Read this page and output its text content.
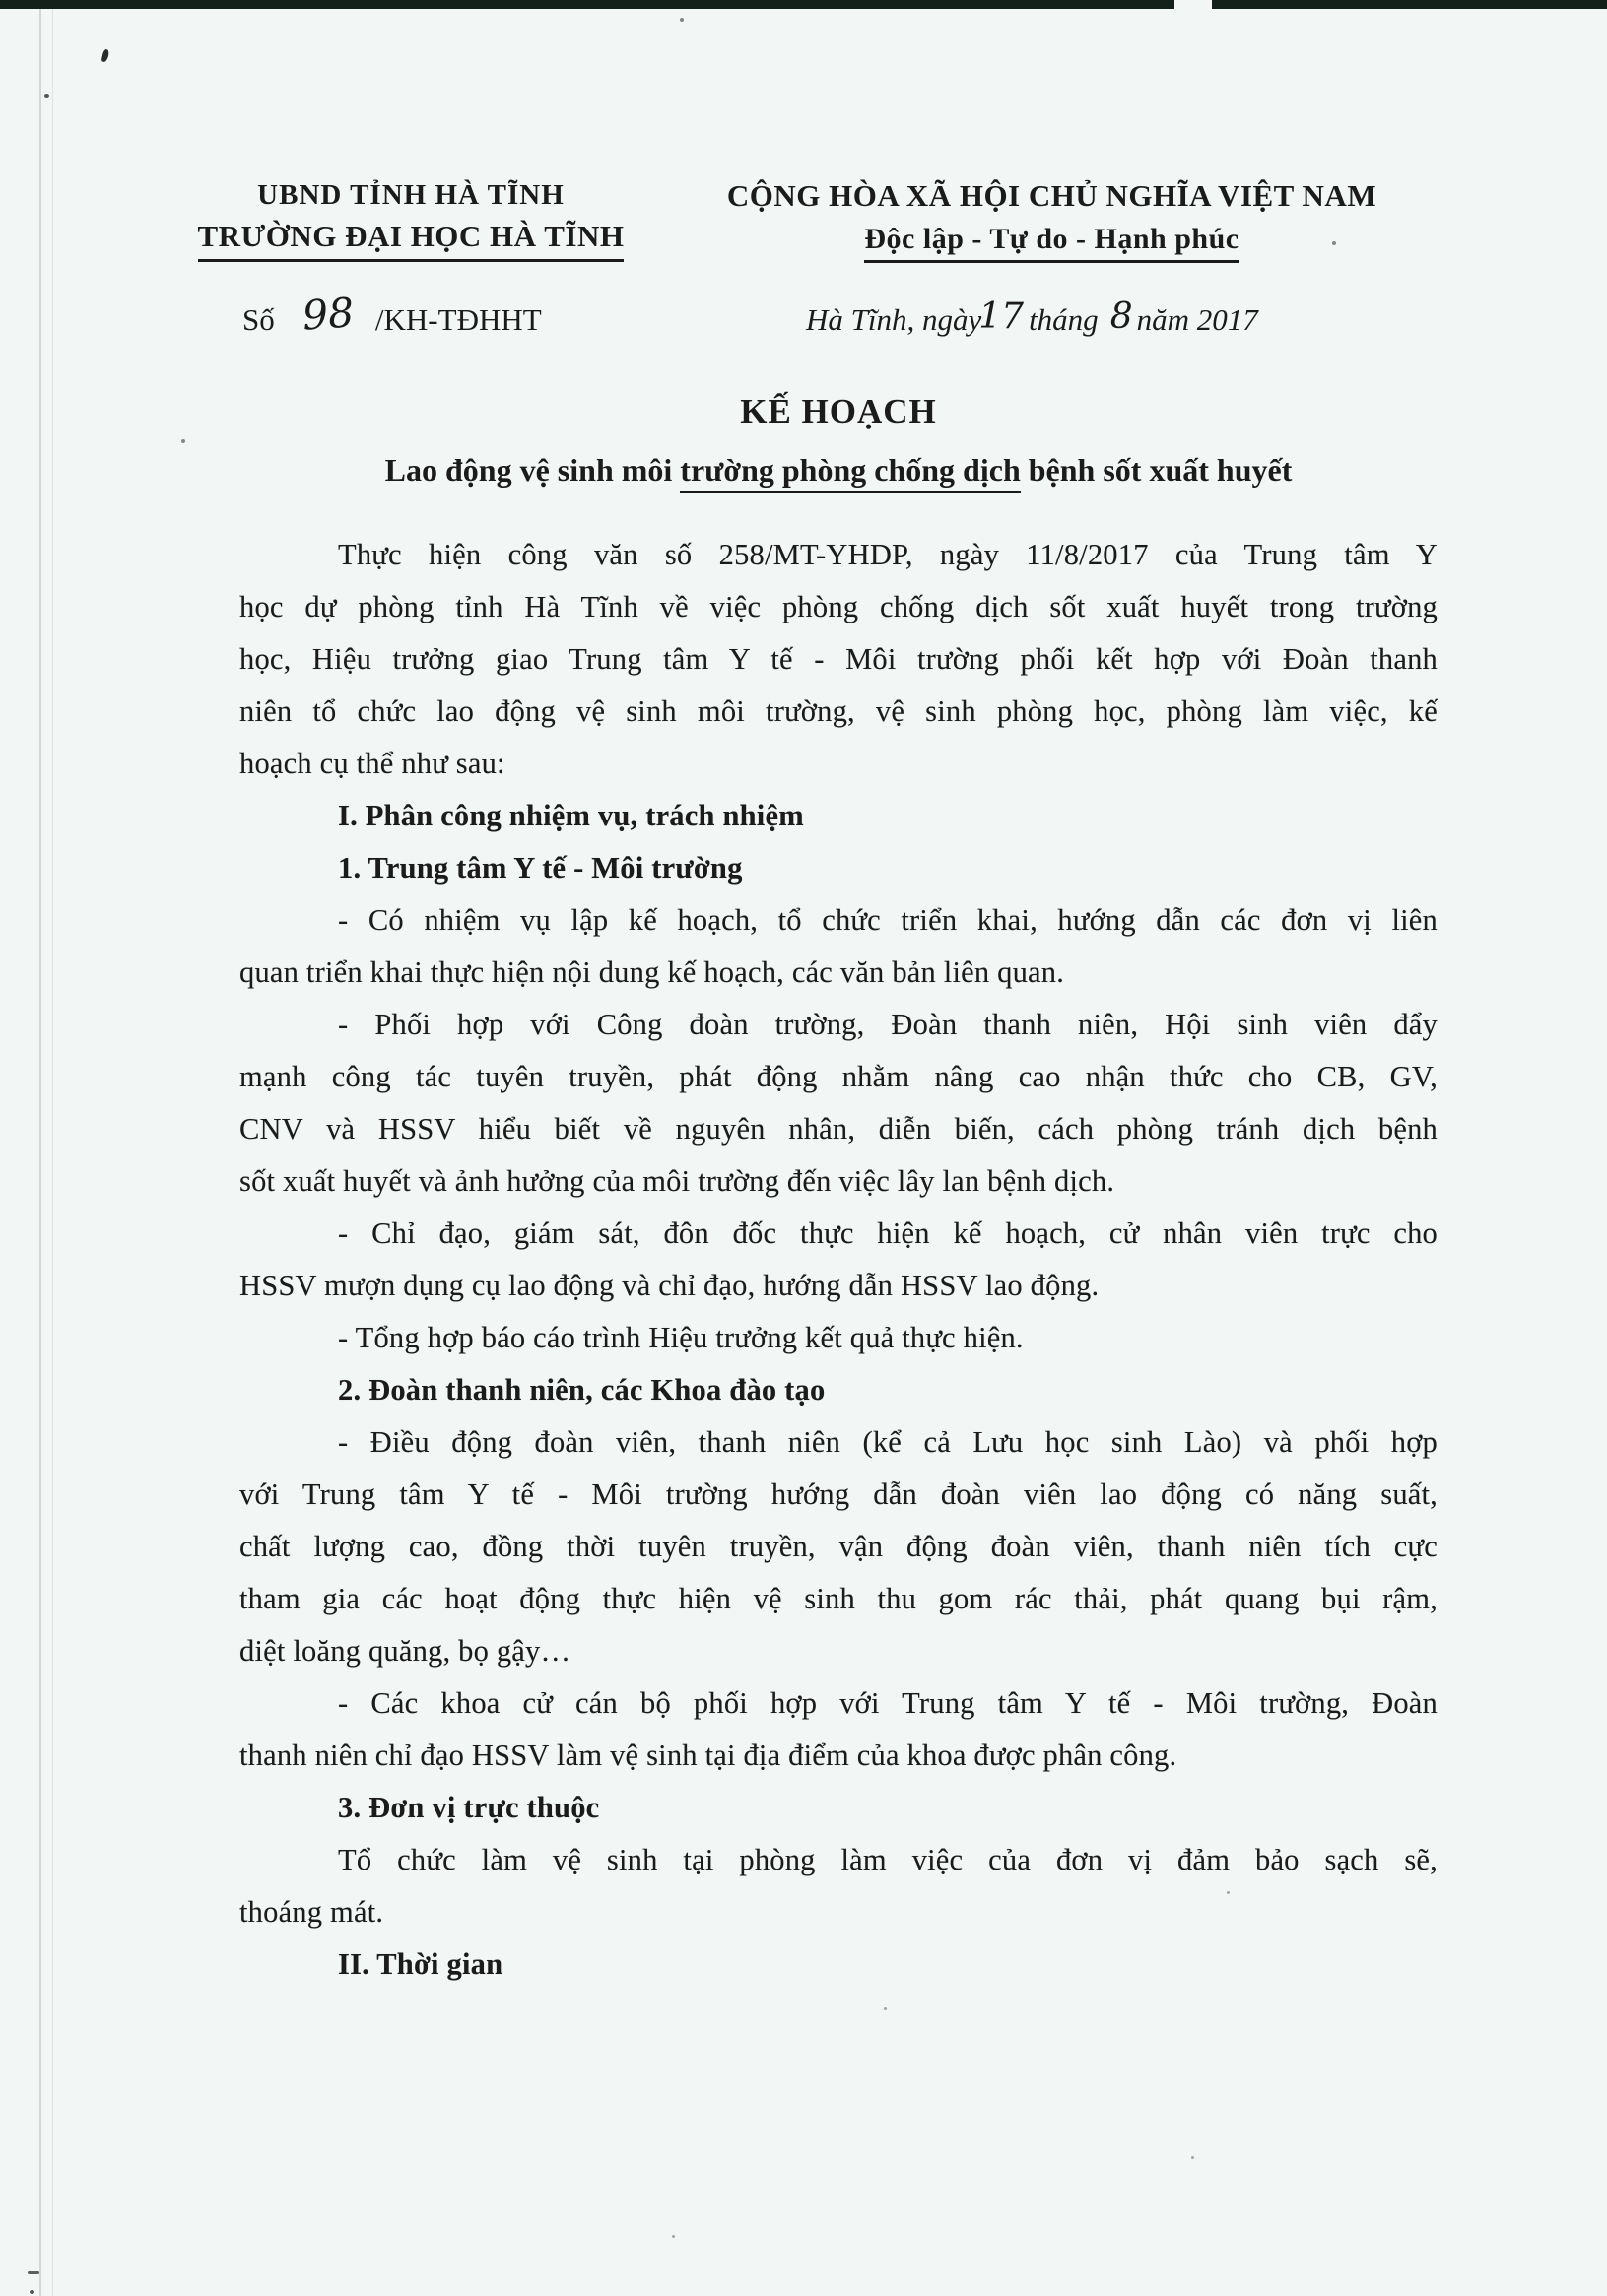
UBND TỈNH HÀ TĨNH
TRƯỜNG ĐẠI HỌC HÀ TĨNH
CỘNG HÒA XÃ HỘI CHỦ NGHĨA VIỆT NAM
Độc lập - Tự do - Hạnh phúc
Số 98 /KH-TĐHHT	Hà Tĩnh, ngày17 tháng 8 năm 2017
KẾ HOẠCH
Lao động vệ sinh môi trường phòng chống dịch bệnh sốt xuất huyết
Thực hiện công văn số 258/MT-YHDP, ngày 11/8/2017 của Trung tâm Y
học dự phòng tỉnh Hà Tĩnh về việc phòng chống dịch sốt xuất huyết trong trường
học, Hiệu trưởng giao Trung tâm Y tế - Môi trường phối kết hợp với Đoàn thanh
niên tổ chức lao động vệ sinh môi trường, vệ sinh phòng học, phòng làm việc, kế
hoạch cụ thể như sau:
I. Phân công nhiệm vụ, trách nhiệm
1. Trung tâm Y tế - Môi trường
- Có nhiệm vụ lập kế hoạch, tổ chức triển khai, hướng dẫn các đơn vị liên
quan triển khai thực hiện nội dung kế hoạch, các văn bản liên quan.
- Phối hợp với Công đoàn trường, Đoàn thanh niên, Hội sinh viên đẩy
mạnh công tác tuyên truyền, phát động nhằm nâng cao nhận thức cho CB, GV,
CNV và HSSV hiểu biết về nguyên nhân, diễn biến, cách phòng tránh dịch bệnh
sốt xuất huyết và ảnh hưởng của môi trường đến việc lây lan bệnh dịch.
- Chỉ đạo, giám sát, đôn đốc thực hiện kế hoạch, cử nhân viên trực cho
HSSV mượn dụng cụ lao động và chỉ đạo, hướng dẫn HSSV lao động.
- Tổng hợp báo cáo trình Hiệu trưởng kết quả thực hiện.
2. Đoàn thanh niên, các Khoa đào tạo
- Điều động đoàn viên, thanh niên (kể cả Lưu học sinh Lào) và phối hợp
với Trung tâm Y tế - Môi trường hướng dẫn đoàn viên lao động có năng suất,
chất lượng cao, đồng thời tuyên truyền, vận động đoàn viên, thanh niên tích cực
tham gia các hoạt động thực hiện vệ sinh thu gom rác thải, phát quang bụi rậm,
diệt loăng quăng, bọ gậy…
- Các khoa cử cán bộ phối hợp với Trung tâm Y tế - Môi trường, Đoàn
thanh niên chỉ đạo HSSV làm vệ sinh tại địa điểm của khoa được phân công.
3. Đơn vị trực thuộc
Tổ chức làm vệ sinh tại phòng làm việc của đơn vị đảm bảo sạch sẽ,
thoáng mát.
II. Thời gian
